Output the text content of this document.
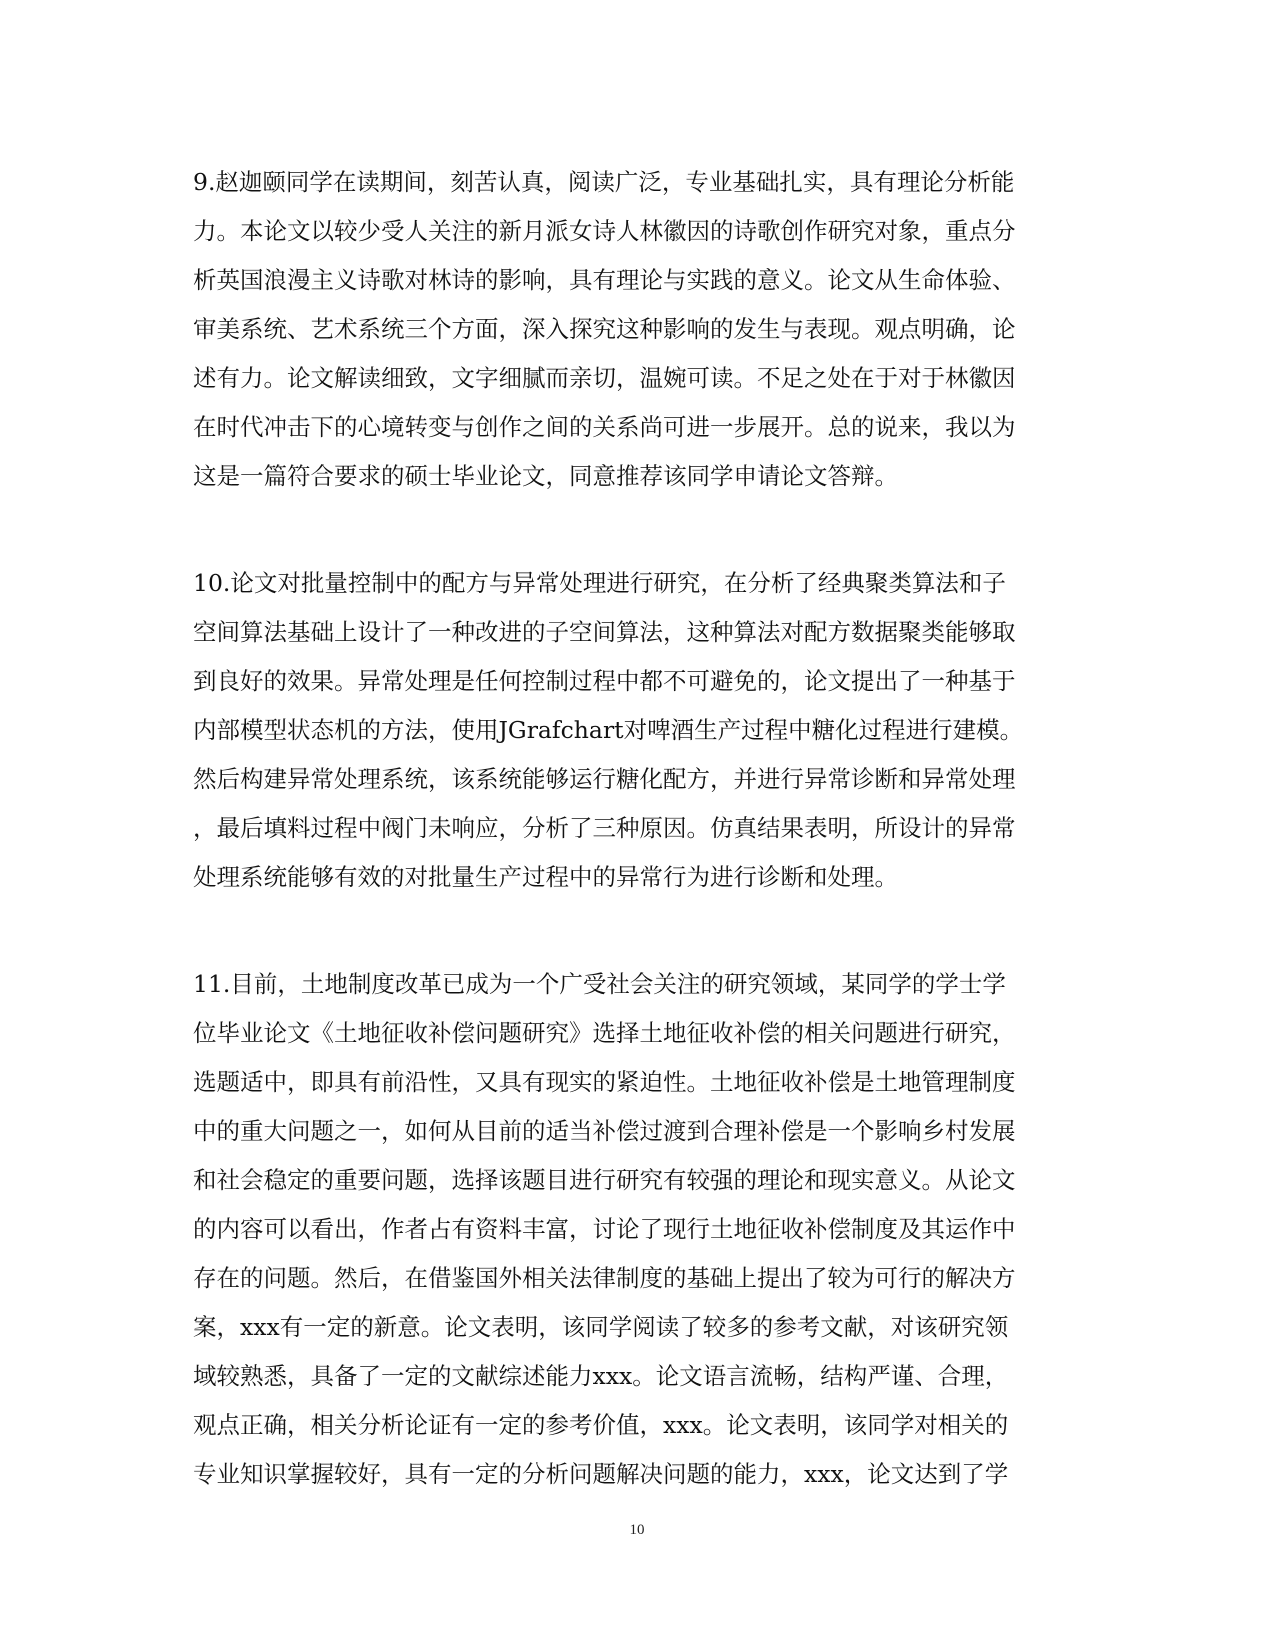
9.赵迦颐同学在读期间，刻苦认真，阅读广泛，专业基础扎实，具有理论分析能
力。本论文以较少受人关注的新月派女诗人林徽因的诗歌创作研究对象，重点分
析英国浪漫主义诗歌对林诗的影响，具有理论与实践的意义。论文从生命体验、
审美系统、艺术系统三个方面，深入探究这种影响的发生与表现。观点明确，论
述有力。论文解读细致，文字细腻而亲切，温婉可读。不足之处在于对于林徽因
在时代冲击下的心境转变与创作之间的关系尚可进一步展开。总的说来，我以为
这是一篇符合要求的硕士毕业论文，同意推荐该同学申请论文答辩。
10.论文对批量控制中的配方与异常处理进行研究，在分析了经典聚类算法和子
空间算法基础上设计了一种改进的子空间算法，这种算法对配方数据聚类能够取
到良好的效果。异常处理是任何控制过程中都不可避免的，论文提出了一种基于
内部模型状态机的方法，使用JGrafchart对啤酒生产过程中糖化过程进行建模。
然后构建异常处理系统，该系统能够运行糖化配方，并进行异常诊断和异常处理
，最后填料过程中阀门未响应，分析了三种原因。仿真结果表明，所设计的异常
处理系统能够有效的对批量生产过程中的异常行为进行诊断和处理。
11.目前，土地制度改革已成为一个广受社会关注的研究领域，某同学的学士学
位毕业论文《土地征收补偿问题研究》选择土地征收补偿的相关问题进行研究，
选题适中，即具有前沿性，又具有现实的紧迫性。土地征收补偿是土地管理制度
中的重大问题之一，如何从目前的适当补偿过渡到合理补偿是一个影响乡村发展
和社会稳定的重要问题，选择该题目进行研究有较强的理论和现实意义。从论文
的内容可以看出，作者占有资料丰富，讨论了现行土地征收补偿制度及其运作中
存在的问题。然后，在借鉴国外相关法律制度的基础上提出了较为可行的解决方
案，xxx有一定的新意。论文表明，该同学阅读了较多的参考文献，对该研究领
域较熟悉，具备了一定的文献综述能力xxx。论文语言流畅，结构严谨、合理，
观点正确，相关分析论证有一定的参考价值，xxx。论文表明，该同学对相关的
专业知识掌握较好，具有一定的分析问题解决问题的能力，xxx，论文达到了学
10
